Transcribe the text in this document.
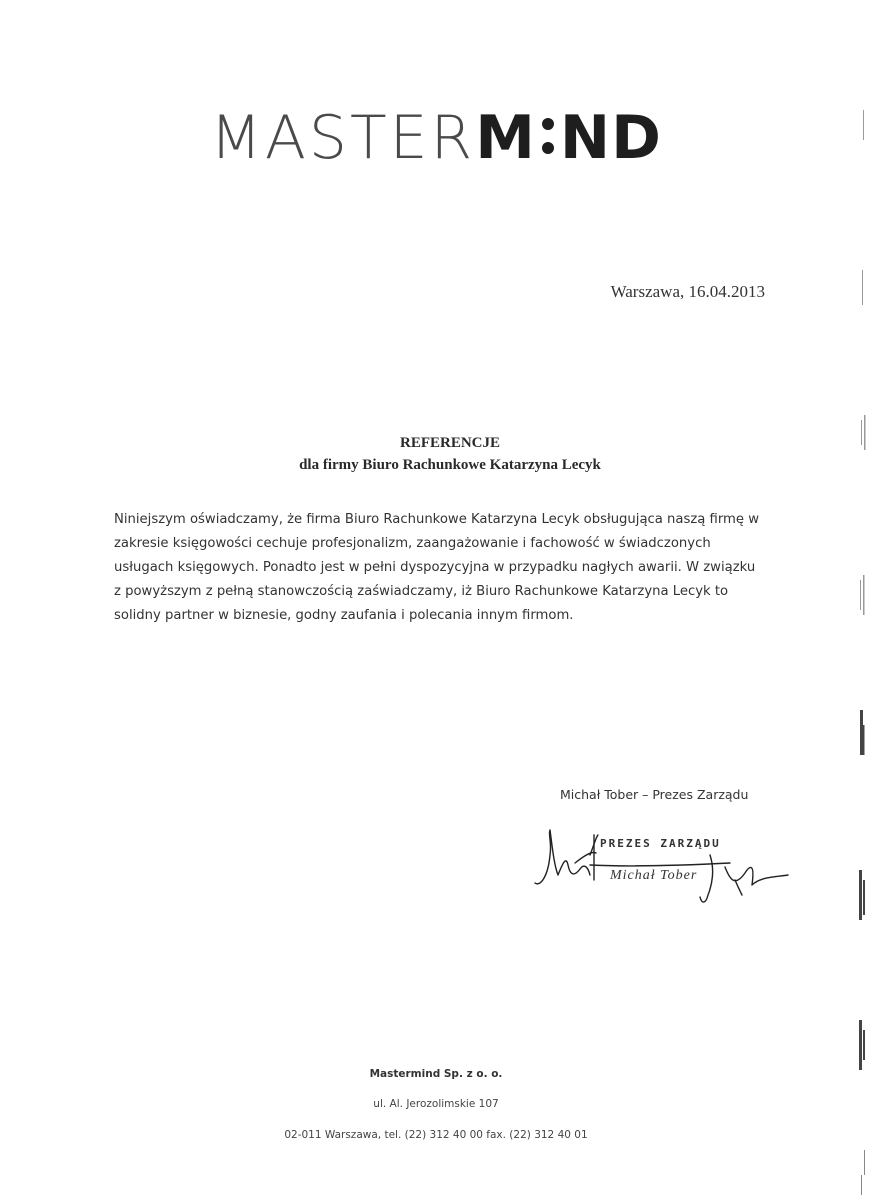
MASTERM ND
Warszawa, 16.04.2013
REFERENCJE
dla firmy Biuro Rachunkowe Katarzyna Lecyk

Niniejszym oświadczamy, że firma Biuro Rachunkowe Katarzyna Lecyk obsługująca naszą firmę w
zakresie księgowości cechuje profesjonalizm, zaangażowanie i fachowość w świadczonych
usługach księgowych. Ponadto jest w pełni dyspozycyjna w przypadku nagłych awarii. W związku
z powyższym z pełną stanowczością zaświadczamy, iż Biuro Rachunkowe Katarzyna Lecyk to
solidny partner w biznesie, godny zaufania i polecania innym firmom.

Michał Tober – Prezes Zarządu
PREZES ZARZĄDU
Michał Tober
Mastermind Sp. z o. o.
ul. Al. Jerozolimskie 107
02-011 Warszawa, tel. (22) 312 40 00 fax. (22) 312 40 01
